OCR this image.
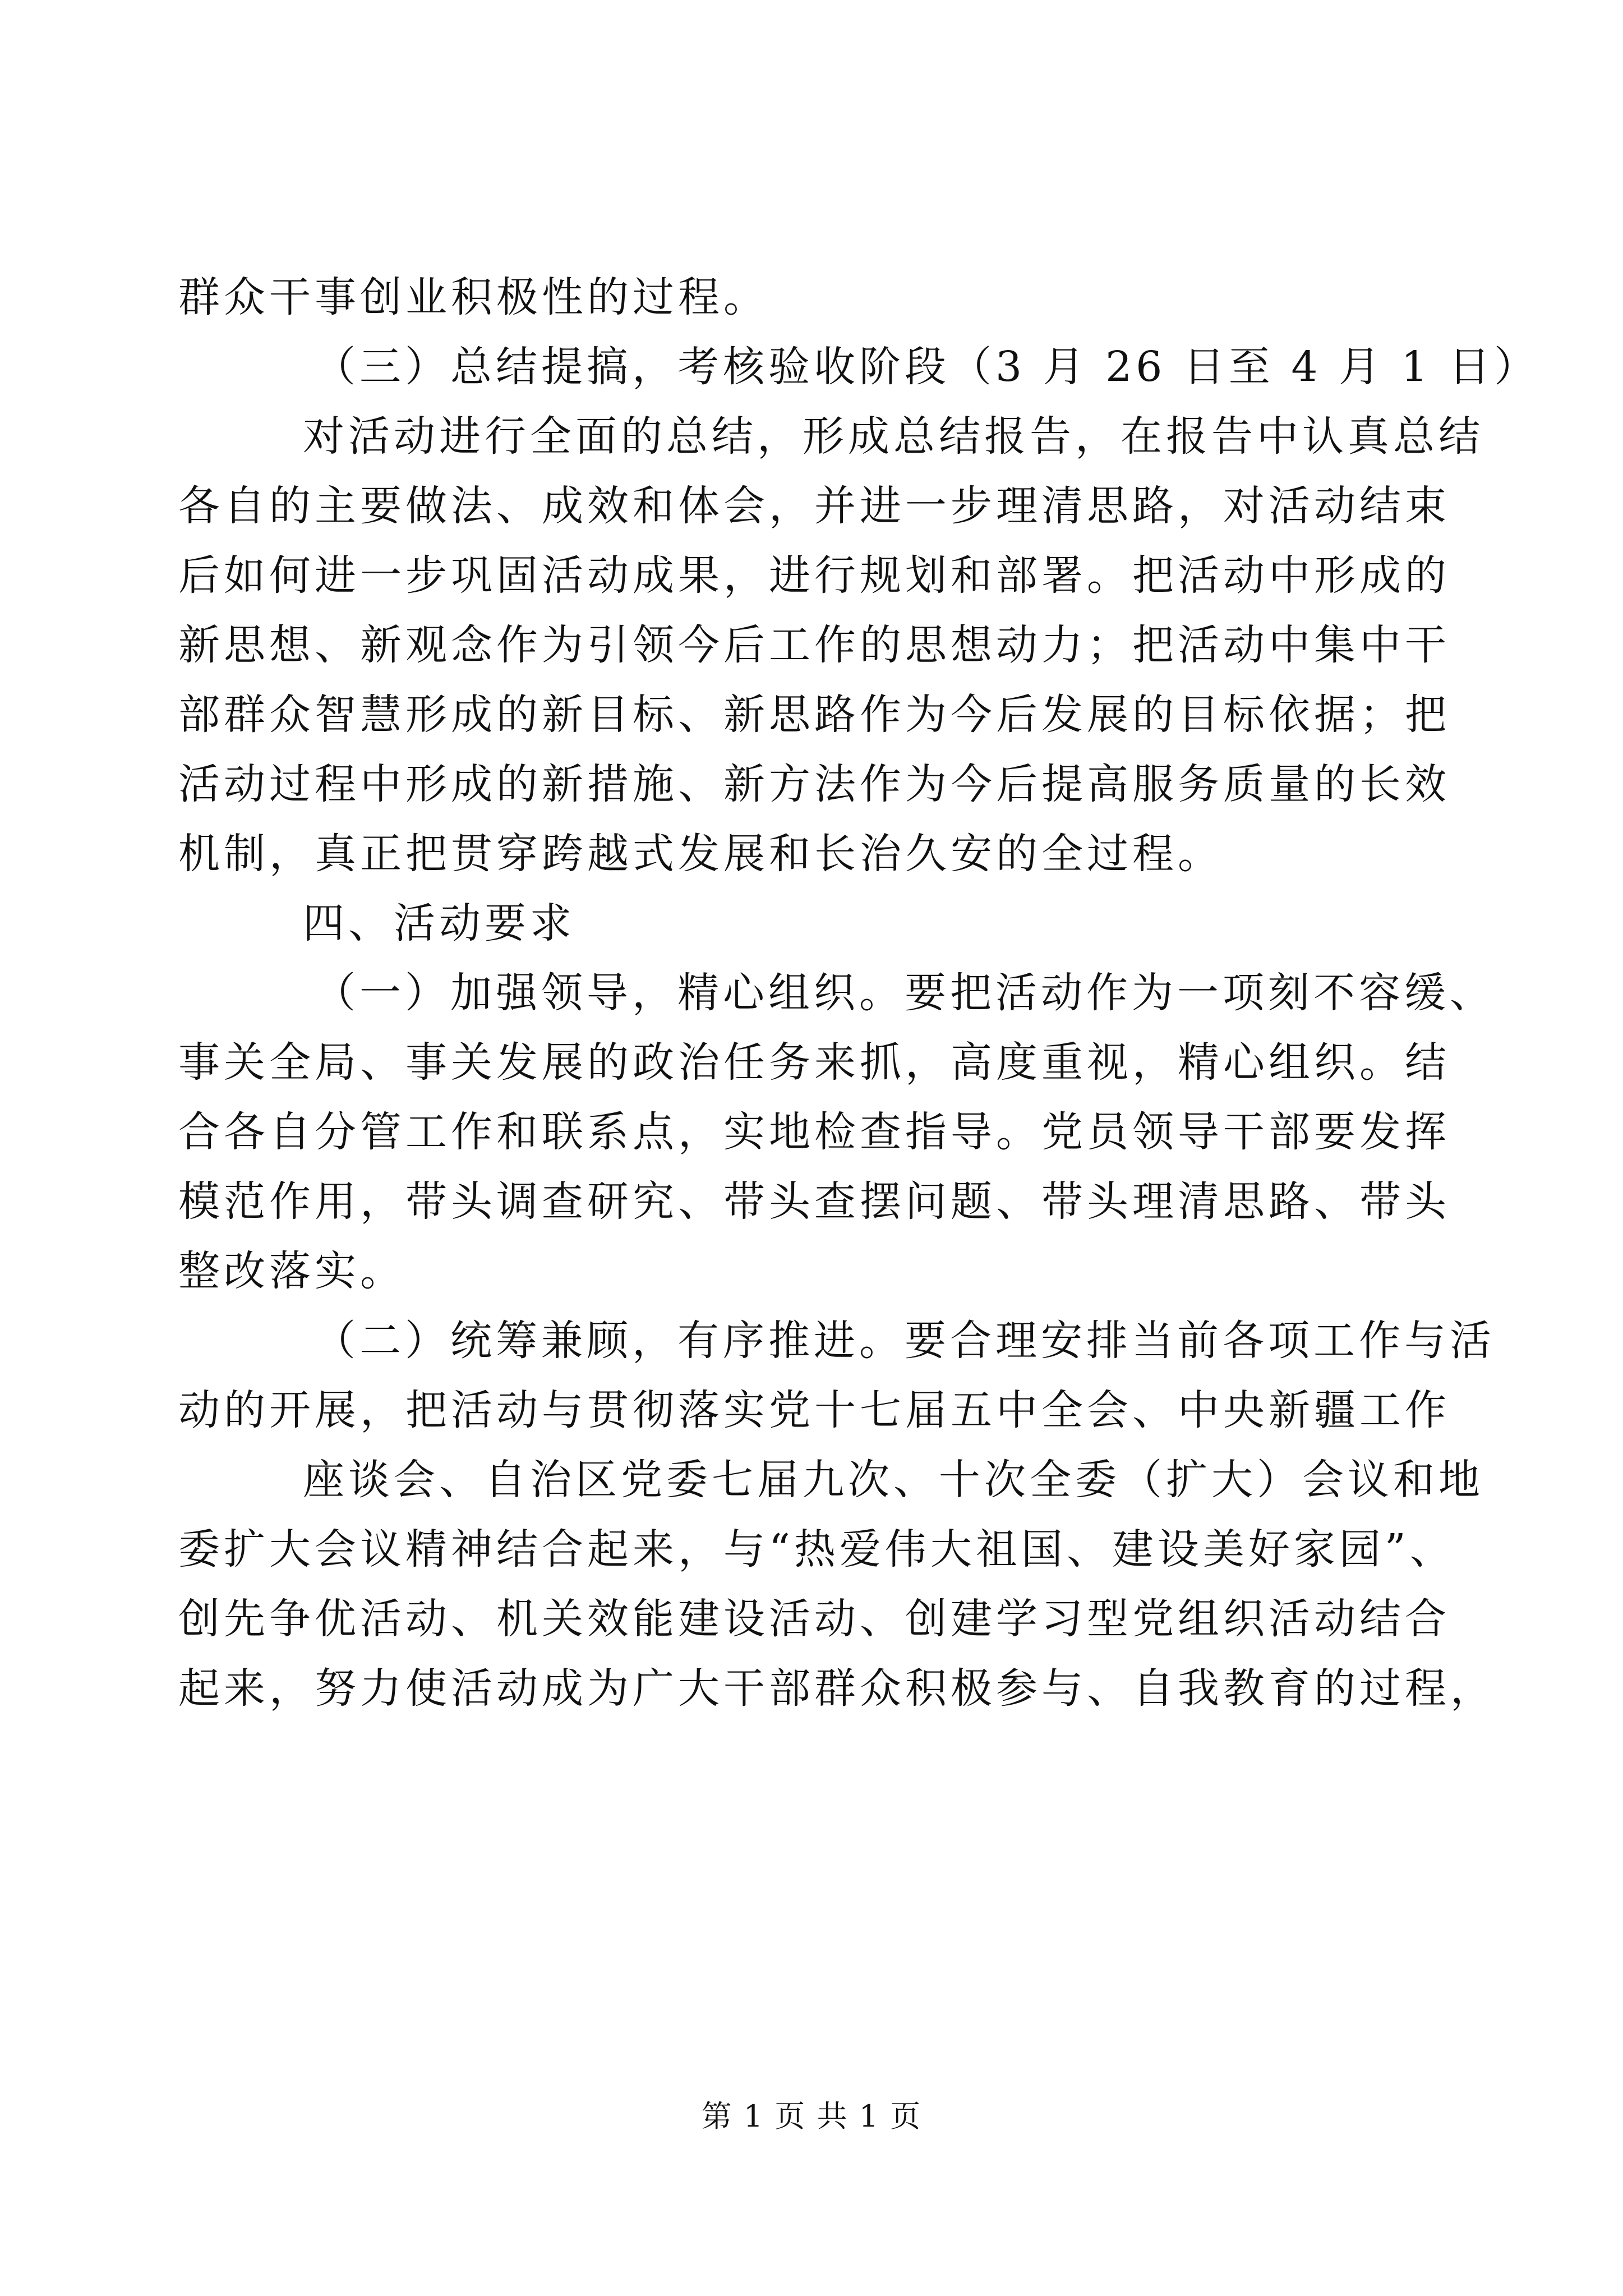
群众干事创业积极性的过程。
（三）总结提搞，考核验收阶段（3 月 26 日至 4 月 1 日）
对活动进行全面的总结，形成总结报告，在报告中认真总结
各自的主要做法、成效和体会，并进一步理清思路，对活动结束
后如何进一步巩固活动成果，进行规划和部署。把活动中形成的
新思想、新观念作为引领今后工作的思想动力；把活动中集中干
部群众智慧形成的新目标、新思路作为今后发展的目标依据；把
活动过程中形成的新措施、新方法作为今后提高服务质量的长效
机制，真正把贯穿跨越式发展和长治久安的全过程。
四、活动要求
（一）加强领导，精心组织。要把活动作为一项刻不容缓、
事关全局、事关发展的政治任务来抓，高度重视，精心组织。结
合各自分管工作和联系点，实地检查指导。党员领导干部要发挥
模范作用，带头调查研究、带头查摆问题、带头理清思路、带头
整改落实。
（二）统筹兼顾，有序推进。要合理安排当前各项工作与活
动的开展，把活动与贯彻落实党十七届五中全会、中央新疆工作
座谈会、自治区党委七届九次、十次全委（扩大）会议和地
委扩大会议精神结合起来，与“热爱伟大祖国、建设美好家园”、
创先争优活动、机关效能建设活动、创建学习型党组织活动结合
起来，努力使活动成为广大干部群众积极参与、自我教育的过程，
第 1 页 共 1 页
